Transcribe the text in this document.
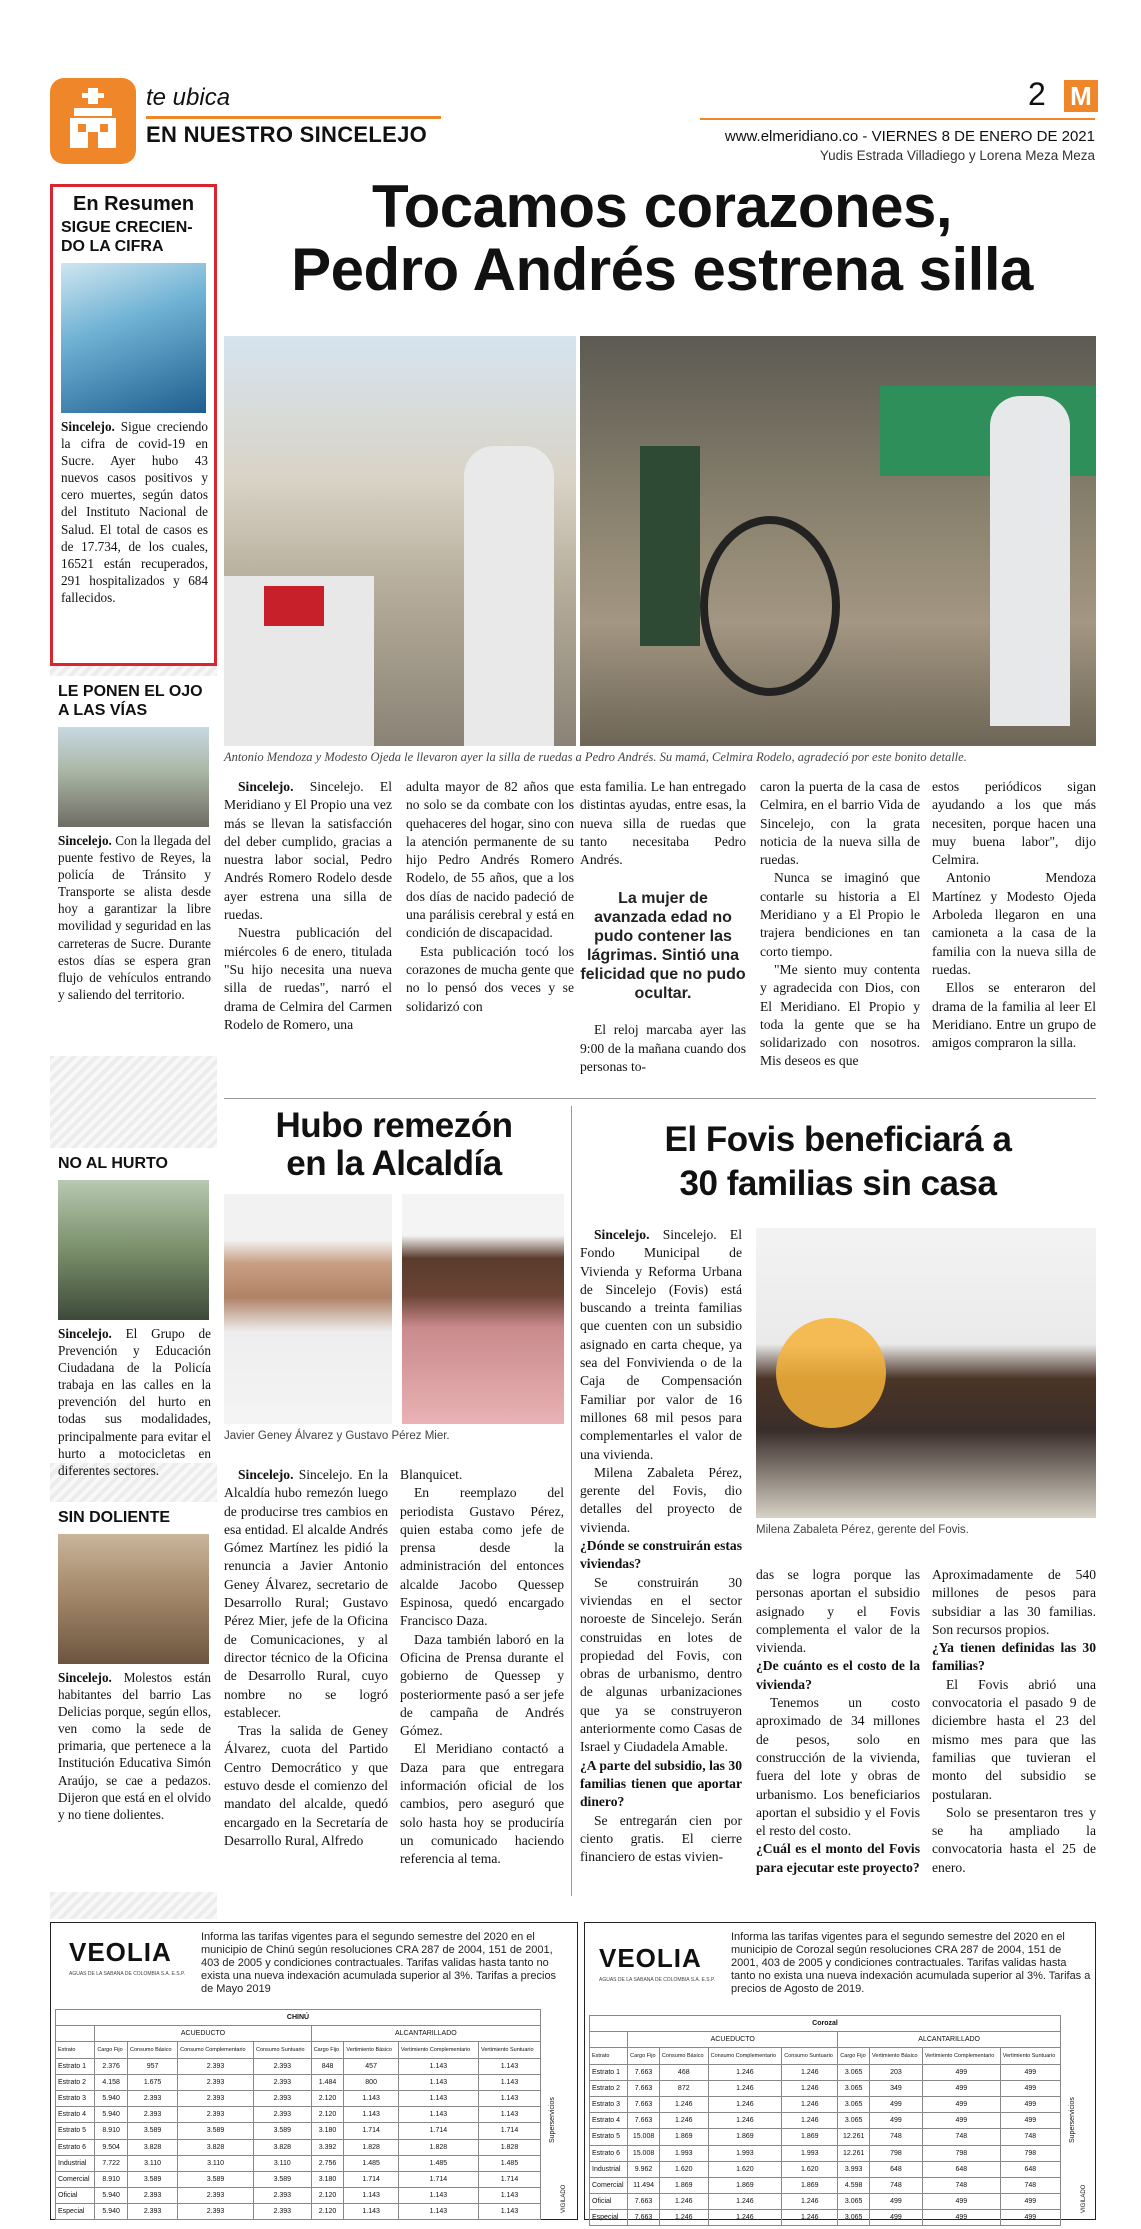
te ubica
EN NUESTRO SINCELEJO
2 M
www.elmeridiano.co - VIERNES 8 DE ENERO DE 2021
Yudis Estrada Villadiego y Lorena Meza Meza
En Resumen
SIGUE CRECIEN-DO LA CIFRA
Sincelejo. Sigue creciendo la cifra de covid-19 en Sucre. Ayer hubo 43 nuevos casos positivos y cero muertes, según datos del Instituto Nacional de Salud. El total de casos es de 17.734, de los cuales, 16521 están recuperados, 291 hospitalizados y 684 fallecidos.
LE PONEN EL OJO A LAS VÍAS
Sincelejo. Con la llegada del puente festivo de Reyes, la policía de Tránsito y Transporte se alista desde hoy a garantizar la libre movilidad y seguridad en las carreteras de Sucre. Durante estos días se espera gran flujo de vehículos entrando y saliendo del territorio.
NO AL HURTO
Sincelejo. El Grupo de Prevención y Educación Ciudadana de la Policía trabaja en las calles en la prevención del hurto en todas sus modalidades, principalmente para evitar el hurto a motocicletas en diferentes sectores.
SIN DOLIENTE
Sincelejo. Molestos están habitantes del barrio Las Delicias porque, según ellos, ven como la sede de primaria, que pertenece a la Institución Educativa Simón Araújo, se cae a pedazos. Dijeron que está en el olvido y no tiene dolientes.
Tocamos corazones,
Pedro Andrés estrena silla
Antonio Mendoza y Modesto Ojeda le llevaron ayer la silla de ruedas a Pedro Andrés. Su mamá, Celmira Rodelo, agradeció por este bonito detalle.

Sincelejo. Sincelejo. El Meridiano y El Propio una vez más se llevan la satisfacción del deber cumplido, gracias a nuestra labor social, Pedro Andrés Romero Rodelo desde ayer estrena una silla de ruedas.

Nuestra publicación del miércoles 6 de enero, titulada "Su hijo necesita una nueva silla de ruedas", narró el drama de Celmira del Carmen Rodelo de Romero, una

adulta mayor de 82 años que no solo se da combate con los quehaceres del hogar, sino con la atención permanente de su hijo Pedro Andrés Romero Rodelo, de 55 años, que a los dos días de nacido padeció de una parálisis cerebral y está en condición de discapacidad.

Esta publicación tocó los corazones de mucha gente que no lo pensó dos veces y se solidarizó con

esta familia. Le han entregado distintas ayudas, entre esas, la nueva silla de ruedas que tanto necesitaba Pedro Andrés.

La mujer de avanzada edad no pudo contener las lágrimas. Sintió una felicidad que no pudo ocultar.

El reloj marcaba ayer las 9:00 de la mañana cuando dos personas to-

caron la puerta de la casa de Celmira, en el barrio Vida de Sincelejo, con la grata noticia de la nueva silla de ruedas.

Nunca se imaginó que contarle su historia a El Meridiano y a El Propio le trajera bendiciones en tan corto tiempo.

"Me siento muy contenta y agradecida con Dios, con El Meridiano. El Propio y toda la gente que se ha solidarizado con nosotros. Mis deseos es que

estos periódicos sigan ayudando a los que más necesiten, porque hacen una muy buena labor", dijo Celmira.

Antonio Mendoza Martínez y Modesto Ojeda Arboleda llegaron en una camioneta a la casa de la familia con la nueva silla de ruedas.

Ellos se enteraron del drama de la familia al leer El Meridiano. Entre un grupo de amigos compraron la silla.

Hubo remezón
en la Alcaldía
Javier Geney Álvarez y Gustavo Pérez Mier.

Sincelejo. Sincelejo. En la Alcaldía hubo remezón luego de producirse tres cambios en esa entidad. El alcalde Andrés Gómez Martínez les pidió la renuncia a Javier Antonio Geney Álvarez, secretario de Desarrollo Rural; Gustavo Pérez Mier, jefe de la Oficina de Comunicaciones, y al director técnico de la Oficina de Desarrollo Rural, cuyo nombre no se logró establecer.

Tras la salida de Geney Álvarez, cuota del Partido Centro Democrático y que estuvo desde el comienzo del mandato del alcalde, quedó encargado en la Secretaría de Desarrollo Rural, Alfredo

Blanquicet.

En reemplazo del periodista Gustavo Pérez, quien estaba como jefe de prensa desde la administración del entonces alcalde Jacobo Quessep Espinosa, quedó encargado Francisco Daza.

Daza también laboró en la Oficina de Prensa durante el gobierno de Quessep y posteriormente pasó a ser jefe de campaña de Andrés Gómez.

El Meridiano contactó a Daza para que entregara información oficial de los cambios, pero aseguró que solo hasta hoy se produciría un comunicado haciendo referencia al tema.

El Fovis beneficiará a
30 familias sin casa

Sincelejo. Sincelejo. El Fondo Municipal de Vivienda y Reforma Urbana de Sincelejo (Fovis) está buscando a treinta familias que cuenten con un subsidio asignado en carta cheque, ya sea del Fonvivienda o de la Caja de Compensación Familiar por valor de 16 millones 68 mil pesos para complementarles el valor de una vivienda.

Milena Zabaleta Pérez, gerente del Fovis, dio detalles del proyecto de vivienda.

¿Dónde se construirán estas viviendas?

Se construirán 30 viviendas en el sector noroeste de Sincelejo. Serán construidas en lotes de propiedad del Fovis, con obras de urbanismo, dentro de algunas urbanizaciones que ya se construyeron anteriormente como Casas de Israel y Ciudadela Amable.

¿A parte del subsidio, las 30 familias tienen que aportar dinero?

Se entregarán cien por ciento gratis. El cierre financiero de estas vivien-

Milena Zabaleta Pérez, gerente del Fovis.

das se logra porque las personas aportan el subsidio asignado y el Fovis complementa el valor de la vivienda.

¿De cuánto es el costo de la vivienda?

Tenemos un costo aproximado de 34 millones de pesos, solo en construcción de la vivienda, fuera del lote y obras de urbanismo. Los beneficiarios aportan el subsidio y el Fovis el resto del costo.

¿Cuál es el monto del Fovis para ejecutar este proyecto?

Aproximadamente de 540 millones de pesos para subsidiar a las 30 familias. Son recursos propios.

¿Ya tienen definidas las 30 familias?

El Fovis abrió una convocatoria el pasado 9 de diciembre hasta el 23 del mismo mes para que las familias que tuvieran el monto del subsidio se postularan.

Solo se presentaron tres y se ha ampliado la convocatoria hasta el 25 de enero.

VEOLIA
AGUAS DE LA SABANA DE COLOMBIA S.A. E.S.P.
Informa las tarifas vigentes para el segundo semestre del 2020 en el municipio de Chinú según resoluciones CRA 287 de 2004, 151 de 2001, 403 de 2005 y condiciones contractuales. Tarifas validas hasta tanto no exista una nueva indexación acumulada superior al 3%. Tarifas a precios de Mayo 2019
Superservicios
VIGILADO
CHINÚ								
	ACUEDUCTO				ALCANTARILLADO			
Estrato	Cargo Fijo	Consumo Básico	Consumo Complementario	Consumo Suntuario	Cargo Fijo	Vertimiento Básico	Vertimiento Complementario	Vertimiento Suntuario
Estrato 1	2.376	957	2.393	2.393	848	457	1.143	1.143
Estrato 2	4.158	1.675	2.393	2.393	1.484	800	1.143	1.143
Estrato 3	5.940	2.393	2.393	2.393	2.120	1.143	1.143	1.143
Estrato 4	5.940	2.393	2.393	2.393	2.120	1.143	1.143	1.143
Estrato 5	8.910	3.589	3.589	3.589	3.180	1.714	1.714	1.714
Estrato 6	9.504	3.828	3.828	3.828	3.392	1.828	1.828	1.828
Industrial	7.722	3.110	3.110	3.110	2.756	1.485	1.485	1.485
Comercial	8.910	3.589	3.589	3.589	3.180	1.714	1.714	1.714
Oficial	5.940	2.393	2.393	2.393	2.120	1.143	1.143	1.143
Especial	5.940	2.393	2.393	2.393	2.120	1.143	1.143	1.143
VEOLIA
AGUAS DE LA SABANA DE COLOMBIA S.A. E.S.P.
Informa las tarifas vigentes para el segundo semestre del 2020 en el municipio de Corozal según resoluciones CRA 287 de 2004, 151 de 2001, 403 de 2005 y condiciones contractuales. Tarifas validas hasta tanto no exista una nueva indexación acumulada superior al 3%. Tarifas a precios de Agosto de 2019.
Superservicios
VIGILADO
Corozal								
	ACUEDUCTO				ALCANTARILLADO			
Estrato	Cargo Fijo	Consumo Básico	Consumo Complementario	Consumo Suntuario	Cargo Fijo	Vertimiento Básico	Vertimiento Complementario	Vertimiento Suntuario
Estrato 1	7.663	468	1.246	1.246	3.065	203	499	499
Estrato 2	7.663	872	1.246	1.246	3.065	349	499	499
Estrato 3	7.663	1.246	1.246	1.246	3.065	499	499	499
Estrato 4	7.663	1.246	1.246	1.246	3.065	499	499	499
Estrato 5	15.008	1.869	1.869	1.869	12.261	748	748	748
Estrato 6	15.008	1.993	1.993	1.993	12.261	798	798	798
Industrial	9.962	1.620	1.620	1.620	3.993	648	648	648
Comercial	11.494	1.869	1.869	1.869	4.598	748	748	748
Oficial	7.663	1.246	1.246	1.246	3.065	499	499	499
Especial	7.663	1.246	1.246	1.246	3.065	499	499	499
